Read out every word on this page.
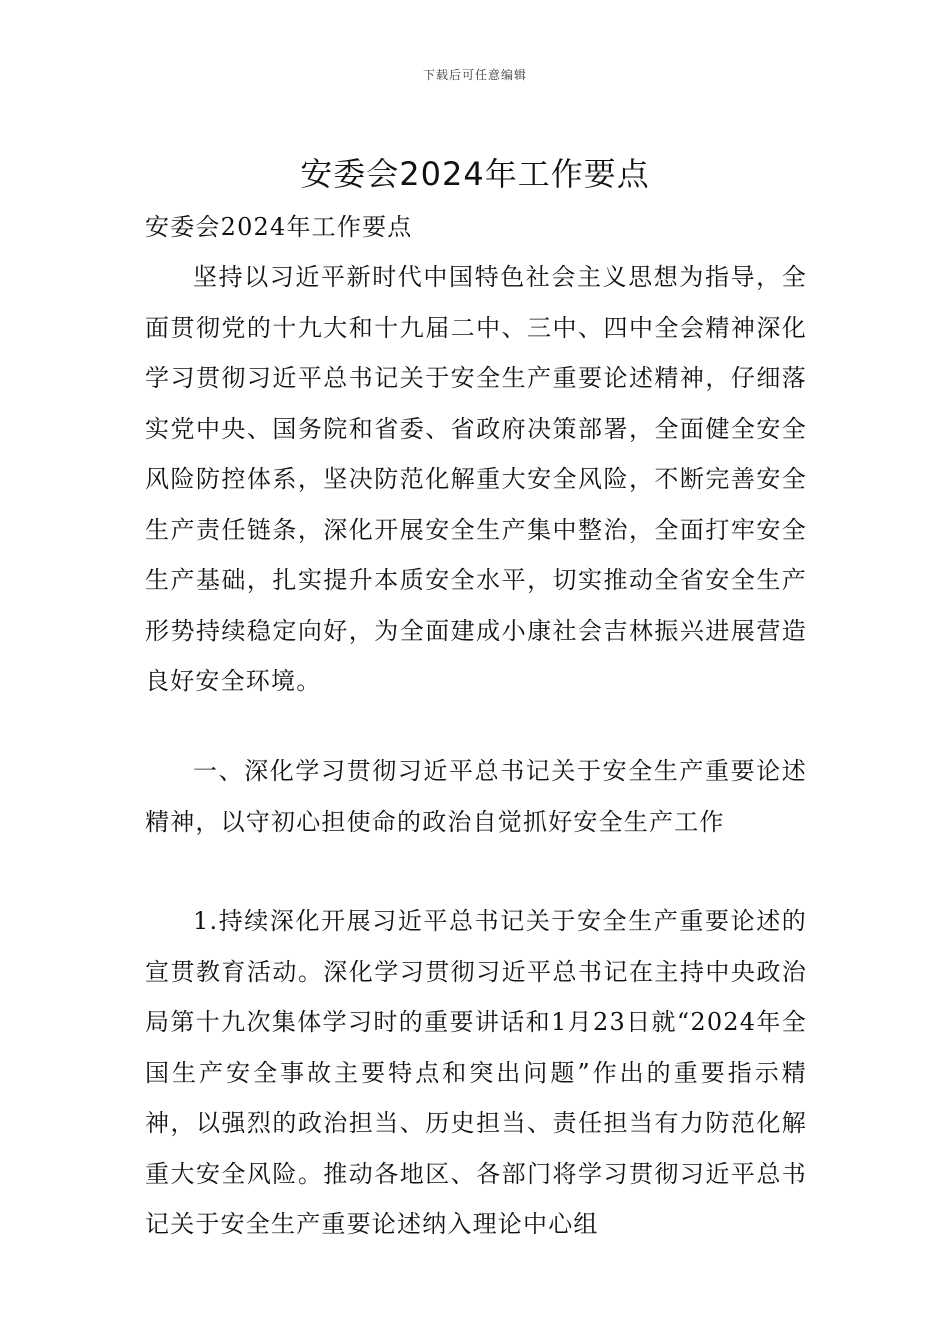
下载后可任意编辑
安委会2024年工作要点

安委会2024年工作要点

坚持以习近平新时代中国特色社会主义思想为指导，全面贯彻党的十九大和十九届二中、三中、四中全会精神深化学习贯彻习近平总书记关于安全生产重要论述精神，仔细落实党中央、国务院和省委、省政府决策部署，全面健全安全风险防控体系，坚决防范化解重大安全风险，不断完善安全生产责任链条，深化开展安全生产集中整治，全面打牢安全生产基础，扎实提升本质安全水平，切实推动全省安全生产形势持续稳定向好，为全面建成小康社会吉林振兴进展营造良好安全环境。

一、深化学习贯彻习近平总书记关于安全生产重要论述精神，以守初心担使命的政治自觉抓好安全生产工作

1.持续深化开展习近平总书记关于安全生产重要论述的宣贯教育活动。深化学习贯彻习近平总书记在主持中央政治局第十九次集体学习时的重要讲话和1月23日就“2024年全国生产安全事故主要特点和突出问题”作出的重要指示精神，以强烈的政治担当、历史担当、责任担当有力防范化解重大安全风险。推动各地区、各部门将学习贯彻习近平总书记关于安全生产重要论述纳入理论中心组
